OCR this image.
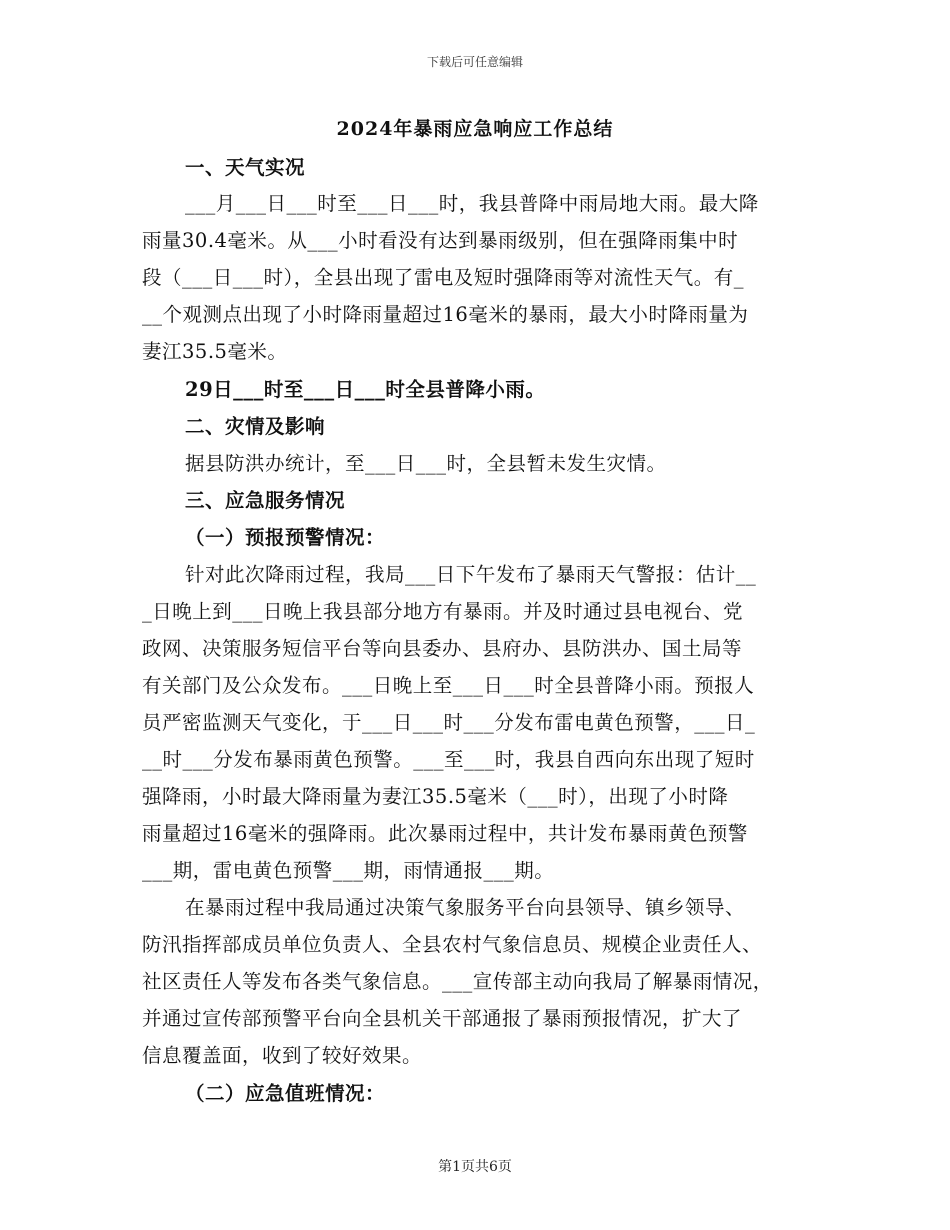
下载后可任意编辑
2024年暴雨应急响应工作总结
一、天气实况
___月___日___时至___日___时，我县普降中雨局地大雨。最大降
雨量30.4毫米。从___小时看没有达到暴雨级别，但在强降雨集中时
段（___日___时），全县出现了雷电及短时强降雨等对流性天气。有_
__个观测点出现了小时降雨量超过16毫米的暴雨，最大小时降雨量为
妻江35.5毫米。
29日___时至___日___时全县普降小雨。
二、灾情及影响
据县防洪办统计，至___日___时，全县暂未发生灾情。
三、应急服务情况
（一）预报预警情况：
针对此次降雨过程，我局___日下午发布了暴雨天气警报：估计__
_日晚上到___日晚上我县部分地方有暴雨。并及时通过县电视台、党
政网、决策服务短信平台等向县委办、县府办、县防洪办、国土局等
有关部门及公众发布。___日晚上至___日___时全县普降小雨。预报人
员严密监测天气变化，于___日___时___分发布雷电黄色预警，___日_
__时___分发布暴雨黄色预警。___至___时，我县自西向东出现了短时
强降雨，小时最大降雨量为妻江35.5毫米（___时），出现了小时降
雨量超过16毫米的强降雨。此次暴雨过程中，共计发布暴雨黄色预警
___期，雷电黄色预警___期，雨情通报___期。
在暴雨过程中我局通过决策气象服务平台向县领导、镇乡领导、
防汛指挥部成员单位负责人、全县农村气象信息员、规模企业责任人、
社区责任人等发布各类气象信息。___宣传部主动向我局了解暴雨情况，
并通过宣传部预警平台向全县机关干部通报了暴雨预报情况，扩大了
信息覆盖面，收到了较好效果。
（二）应急值班情况：
第1页共6页
